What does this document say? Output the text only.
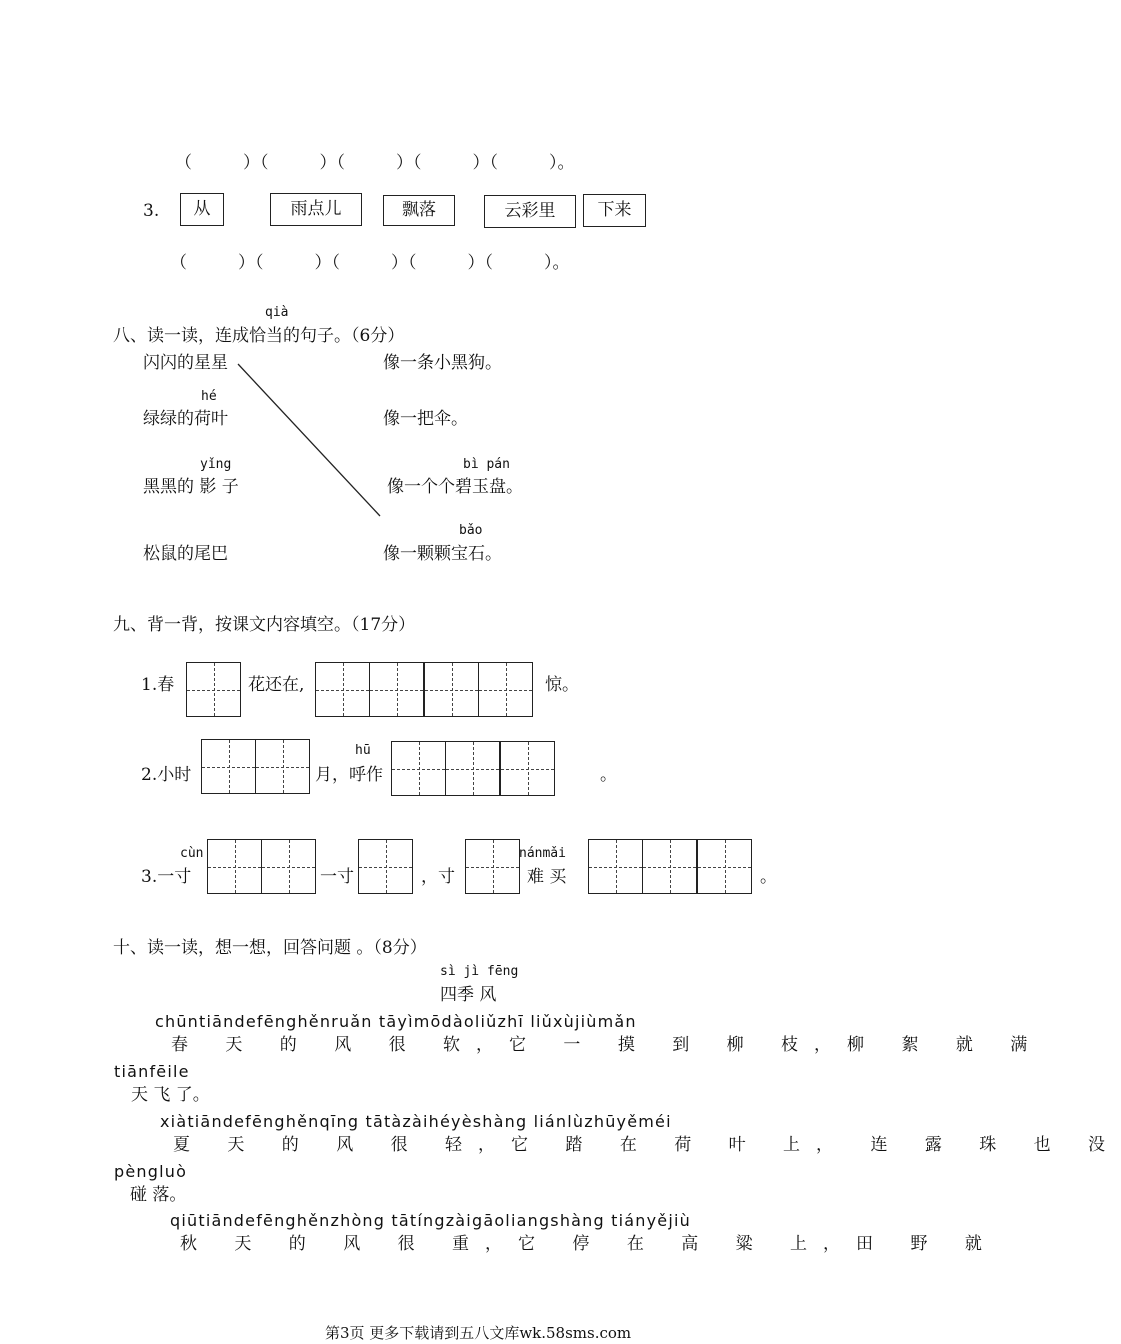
（　　　）（　　　）（　　　）（　　　）（　　　）。
3.	从	雨点儿	飘落	云彩里	下来
（　　　）（　　　）（　　　）（　　　）（　　　）。
八、读一读，连成恰当的句子。（6分）
qià
闪闪的星星
hé
绿绿的荷叶
yǐng
黑黑的 影 子
松鼠的尾巴
像一条小黑狗。
像一把伞。
bì pán
像一个个碧玉盘。
bǎo
像一颗颗宝石。
九、背一背，按课文内容填空。（17分）
1.春	花还在,	惊。
2.小时	月，呼作
hū
。
3.一寸
cùn
一寸	，寸
nánmǎi
难 买	。
十、读一读，想一想，回答问题 。（8分）
sì jì fēng
四季 风
chūntiāndefēnghěnruǎn tāyìmōdàoliǔzhī liǔxùjiùmǎn
春 天 的 风 很 软，它 一 摸 到 柳 枝，柳 絮 就 满
tiānfēile
天 飞 了。
xiàtiāndefēnghěnqīng tātàzàihéyèshàng liánlùzhūyěméi
夏 天 的 风 很 轻，它 踏 在 荷 叶 上， 连 露 珠 也 没
pèngluò
碰 落。
qiūtiāndefēnghěnzhòng tātíngzàigāoliangshàng tiányějiù
秋 天 的 风 很 重，它 停 在 高 粱 上，田 野 就
第3页 更多下载请到五八文库wk.58sms.com
